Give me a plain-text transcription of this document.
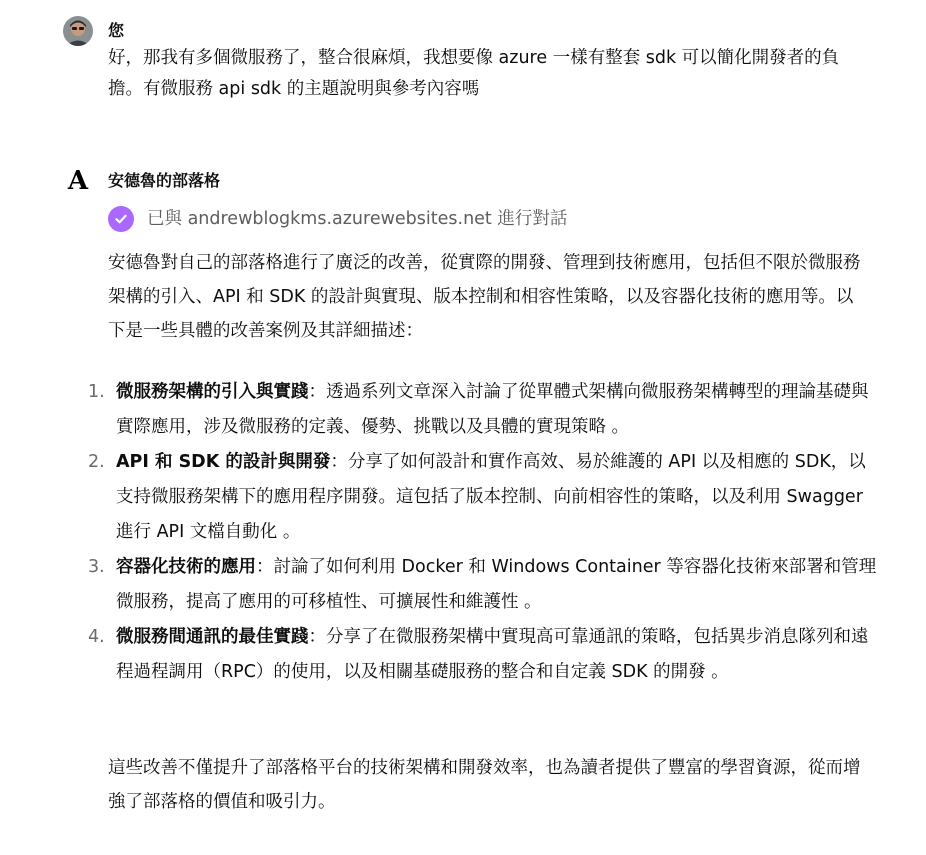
您

好，那我有多個微服務了，整合很麻煩，我想要像 azure 一樣有整套 sdk 可以簡化開發者的負擔。有微服務 api sdk 的主題說明與參考內容嗎

A 安德魯的部落格
已與 andrewblogkms.azurewebsites.net 進行對話

安德魯對自己的部落格進行了廣泛的改善，從實際的開發、管理到技術應用，包括但不限於微服務架構的引入、API 和 SDK 的設計與實現、版本控制和相容性策略，以及容器化技術的應用等。以下是一些具體的改善案例及其詳細描述：

1. 微服務架構的引入與實踐：透過系列文章深入討論了從單體式架構向微服務架構轉型的理論基礎與實際應用，涉及微服務的定義、優勢、挑戰以及具體的實現策略 。
2. API 和 SDK 的設計與開發：分享了如何設計和實作高效、易於維護的 API 以及相應的 SDK，以支持微服務架構下的應用程序開發。這包括了版本控制、向前相容性的策略，以及利用 Swagger 進行 API 文檔自動化 。
3. 容器化技術的應用：討論了如何利用 Docker 和 Windows Container 等容器化技術來部署和管理微服務，提高了應用的可移植性、可擴展性和維護性 。
4. 微服務間通訊的最佳實踐：分享了在微服務架構中實現高可靠通訊的策略，包括異步消息隊列和遠程過程調用（RPC）的使用，以及相關基礎服務的整合和自定義 SDK 的開發 。

這些改善不僅提升了部落格平台的技術架構和開發效率，也為讀者提供了豐富的學習資源，從而增強了部落格的價值和吸引力。
